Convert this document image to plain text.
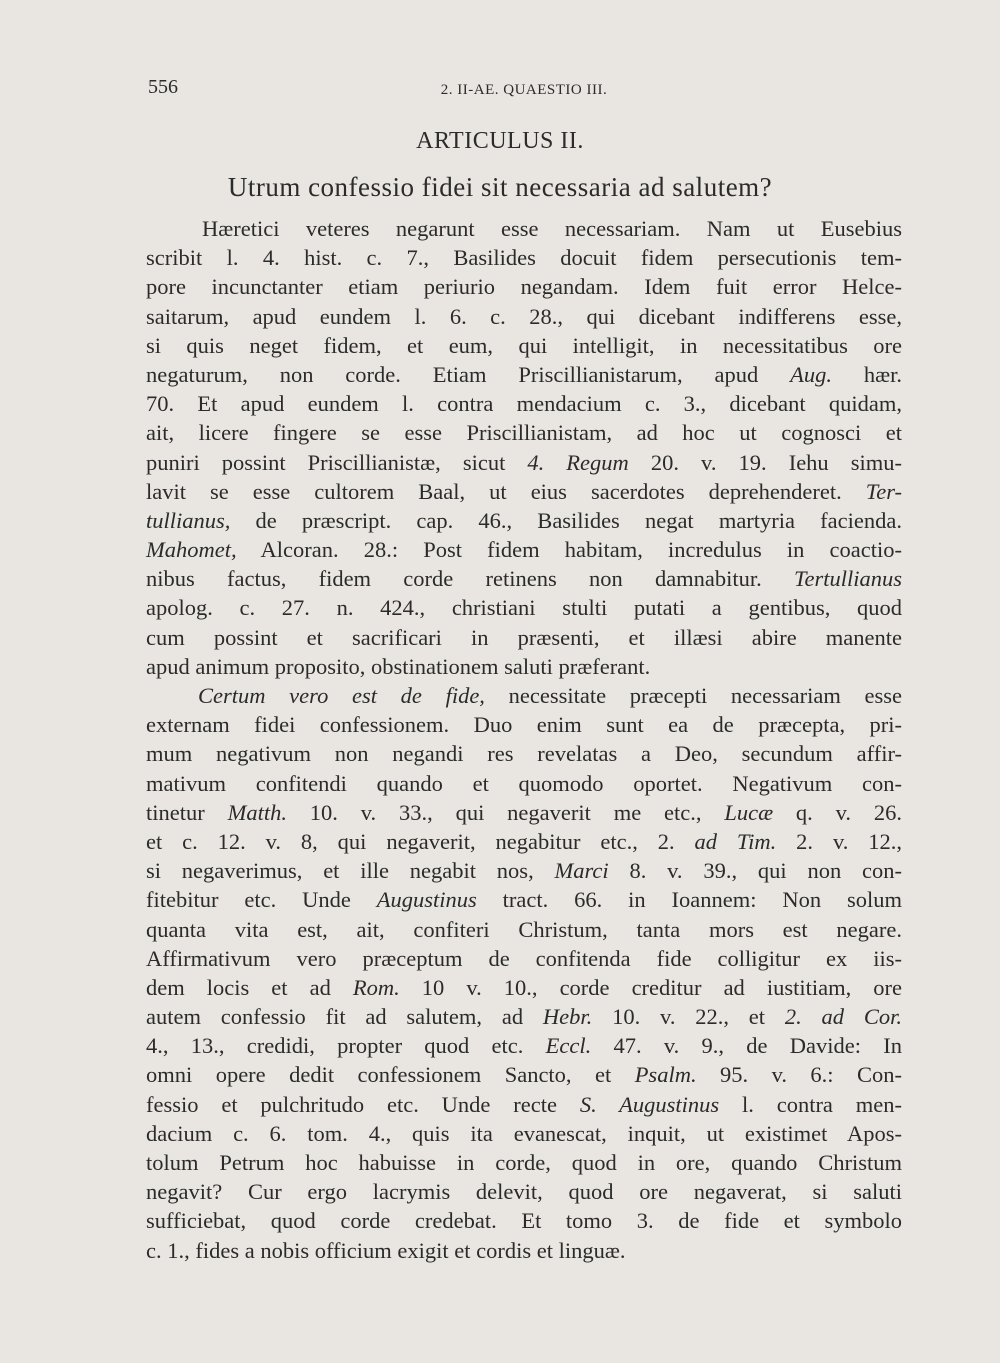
556	2. II-AE. QUAESTIO III.
ARTICULUS II.
Utrum confessio fidei sit necessaria ad salutem?
Hæretici veteres negarunt esse necessariam. Nam ut Eusebius
scribit l. 4. hist. c. 7., Basilides docuit fidem persecutionis tem-
pore incunctanter etiam periurio negandam. Idem fuit error Helce-
saitarum, apud eundem l. 6. c. 28., qui dicebant indifferens esse,
si quis neget fidem, et eum, qui intelligit, in necessitatibus ore
negaturum, non corde. Etiam Priscillianistarum, apud Aug. hær.
70. Et apud eundem l. contra mendacium c. 3., dicebant quidam,
ait, licere fingere se esse Priscillianistam, ad hoc ut cognosci et
puniri possint Priscillianistæ, sicut 4. Regum 20. v. 19. Iehu simu-
lavit se esse cultorem Baal, ut eius sacerdotes deprehenderet. Ter-
tullianus, de præscript. cap. 46., Basilides negat martyria facienda.
Mahomet, Alcoran. 28.: Post fidem habitam, incredulus in coactio-
nibus factus, fidem corde retinens non damnabitur. Tertullianus
apolog. c. 27. n. 424., christiani stulti putati a gentibus, quod
cum possint et sacrificari in præsenti, et illæsi abire manente
apud animum proposito, obstinationem saluti præferant.
Certum vero est de fide, necessitate præcepti necessariam esse
externam fidei confessionem. Duo enim sunt ea de præcepta, pri-
mum negativum non negandi res revelatas a Deo, secundum affir-
mativum confitendi quando et quomodo oportet. Negativum con-
tinetur Matth. 10. v. 33., qui negaverit me etc., Lucæ q. v. 26.
et c. 12. v. 8, qui negaverit, negabitur etc., 2. ad Tim. 2. v. 12.,
si negaverimus, et ille negabit nos, Marci 8. v. 39., qui non con-
fitebitur etc. Unde Augustinus tract. 66. in Ioannem: Non solum
quanta vita est, ait, confiteri Christum, tanta mors est negare.
Affirmativum vero præceptum de confitenda fide colligitur ex iis-
dem locis et ad Rom. 10 v. 10., corde creditur ad iustitiam, ore
autem confessio fit ad salutem, ad Hebr. 10. v. 22., et 2. ad Cor.
4., 13., credidi, propter quod etc. Eccl. 47. v. 9., de Davide: In
omni opere dedit confessionem Sancto, et Psalm. 95. v. 6.: Con-
fessio et pulchritudo etc. Unde recte S. Augustinus l. contra men-
dacium c. 6. tom. 4., quis ita evanescat, inquit, ut existimet Apos-
tolum Petrum hoc habuisse in corde, quod in ore, quando Christum
negavit? Cur ergo lacrymis delevit, quod ore negaverat, si saluti
sufficiebat, quod corde credebat. Et tomo 3. de fide et symbolo
c. 1., fides a nobis officium exigit et cordis et linguæ.
